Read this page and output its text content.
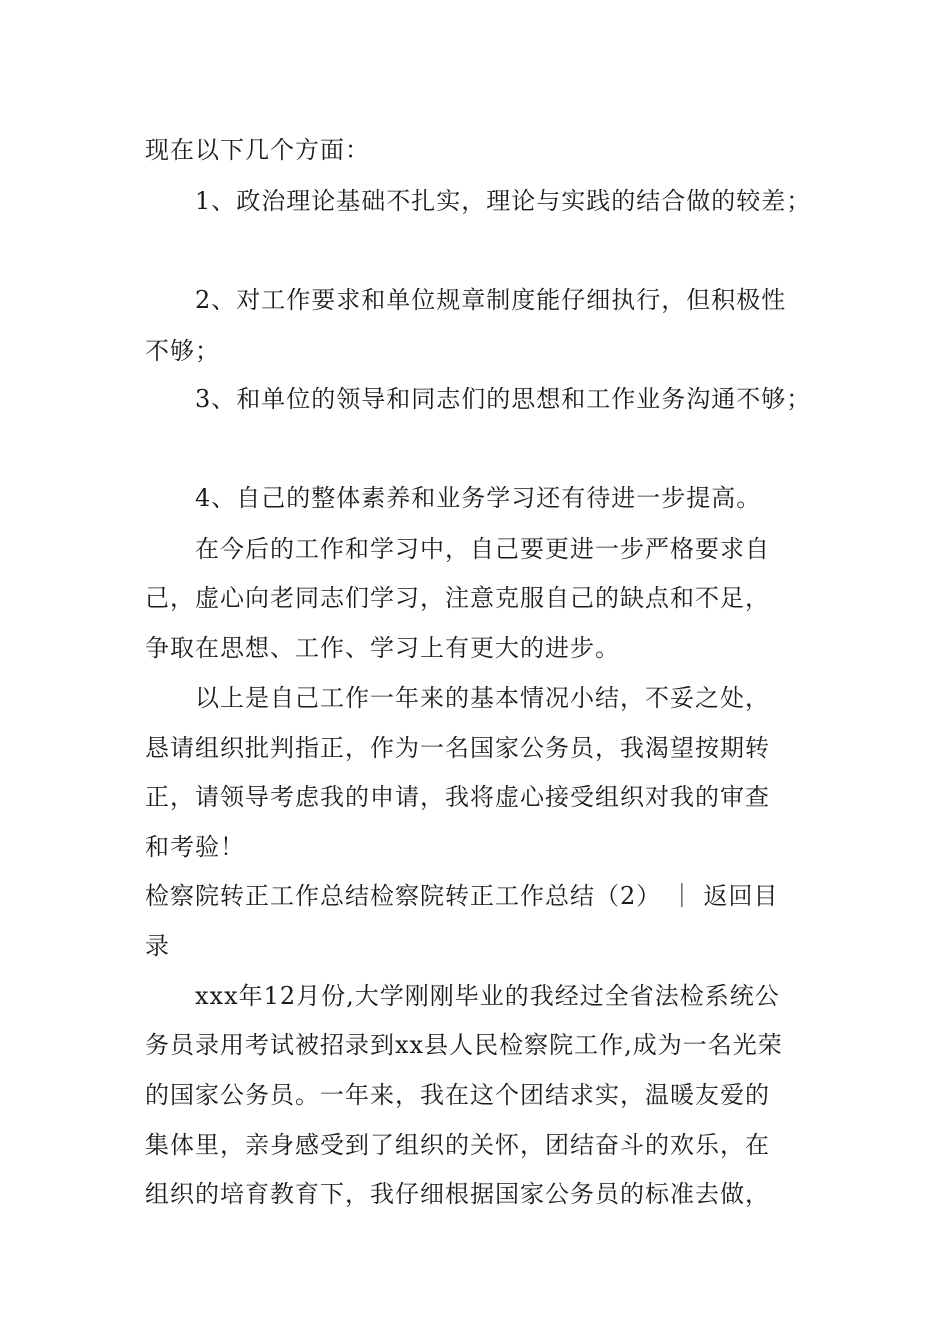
现在以下几个方面：
1、政治理论基础不扎实，理论与实践的结合做的较差；
2、对工作要求和单位规章制度能仔细执行，但积极性
不够；
3、和单位的领导和同志们的思想和工作业务沟通不够；
4、自己的整体素养和业务学习还有待进一步提高。
在今后的工作和学习中，自己要更进一步严格要求自
己，虚心向老同志们学习，注意克服自己的缺点和不足，
争取在思想、工作、学习上有更大的进步。
以上是自己工作一年来的基本情况小结，不妥之处，
恳请组织批判指正，作为一名国家公务员，我渴望按期转
正，请领导考虑我的申请，我将虚心接受组织对我的审查
和考验！
检察院转正工作总结检察院转正工作总结（2） ｜ 返回目
录
xxx年12月份,大学刚刚毕业的我经过全省法检系统公
务员录用考试被招录到xx县人民检察院工作,成为一名光荣
的国家公务员。一年来，我在这个团结求实，温暖友爱的
集体里，亲身感受到了组织的关怀，团结奋斗的欢乐，在
组织的培育教育下，我仔细根据国家公务员的标准去做，
